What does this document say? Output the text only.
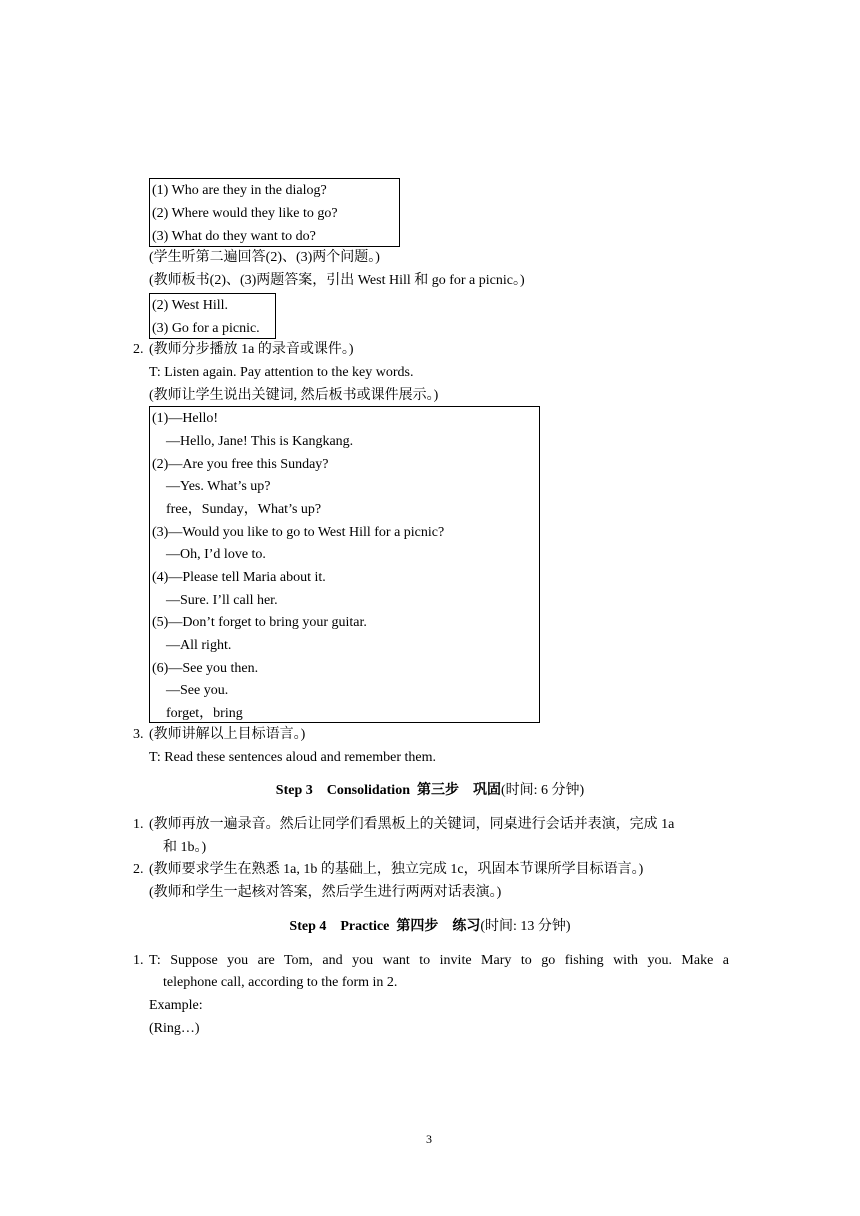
(1) Who are they in the dialog?
(2) Where would they like to go?
(3) What do they want to do?
(学生听第二遍回答(2)、(3)两个问题。)
(教师板书(2)、(3)两题答案，引出 West Hill 和 go for a picnic。)
(2) West Hill.
(3) Go for a picnic.
2. (教师分步播放 1a 的录音或课件。)
T: Listen again. Pay attention to the key words.
(教师让学生说出关键词, 然后板书或课件展示。)
(1)—Hello!
　—Hello, Jane! This is Kangkang.
(2)—Are you free this Sunday?
　—Yes. What’s up?
　free，Sunday，What’s up?
(3)—Would you like to go to West Hill for a picnic?
　—Oh, I’d love to.
(4)—Please tell Maria about it.
　—Sure. I’ll call her.
(5)—Don’t forget to bring your guitar.
　—All right.
(6)—See you then.
　—See you.
　forget，bring
3. (教师讲解以上目标语言。)
T: Read these sentences aloud and remember them.
Step 3　Consolidation 第三步　巩固(时间: 6 分钟)
1. (教师再放一遍录音。然后让同学们看黑板上的关键词，同桌进行会话并表演，完成 1a
和 1b。)
2. (教师要求学生在熟悉 1a, 1b 的基础上，独立完成 1c，巩固本节课所学目标语言。)
(教师和学生一起核对答案，然后学生进行两两对话表演。)
Step 4　Practice 第四步　练习(时间: 13 分钟)
1. T: Suppose you are Tom, and you want to invite Mary to go fishing with you. Make a
telephone call, according to the form in 2.
Example:
(Ring…)
3
